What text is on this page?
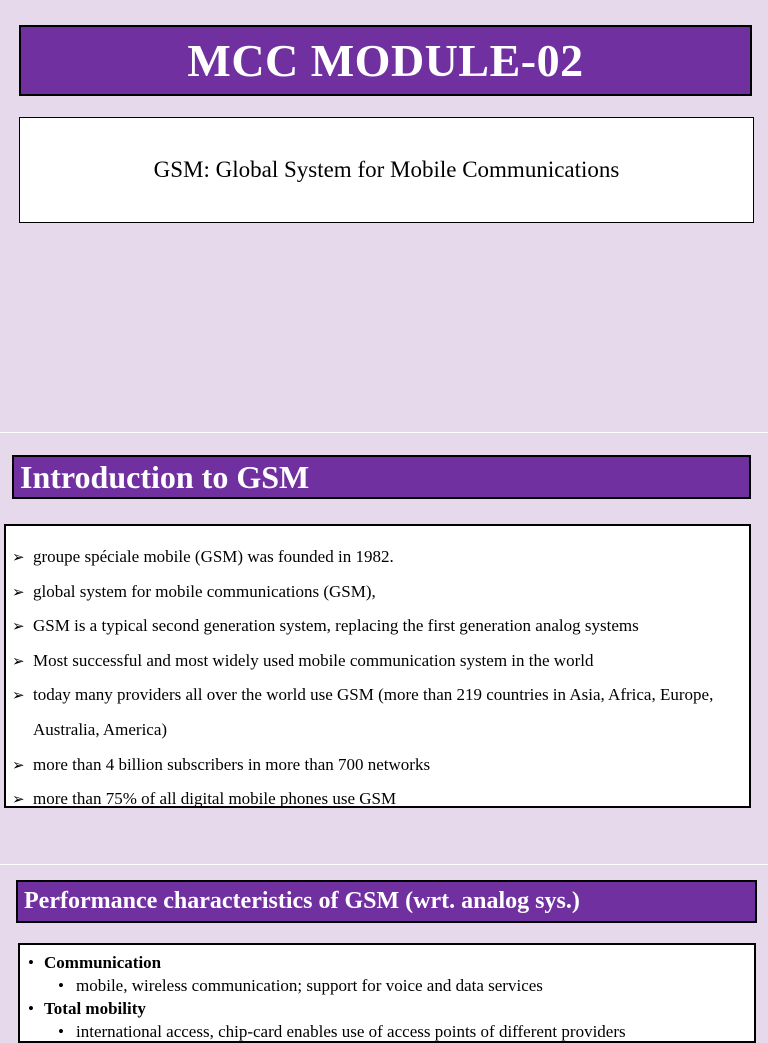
MCC MODULE-02
GSM: Global System for Mobile Communications
Introduction to GSM
➢ groupe spéciale mobile (GSM) was founded in 1982.
➢ global system for mobile communications (GSM),
➢ GSM is a typical second generation system, replacing the first generation analog systems
➢ Most successful and most widely used mobile communication system in the world
➢ today many providers all over the world use GSM (more than 219 countries in Asia, Africa, Europe, Australia, America)
➢ more than 4 billion subscribers in more than 700 networks
➢ more than 75% of all digital mobile phones use GSM
Performance characteristics of GSM (wrt. analog sys.)
• Communication
• mobile, wireless communication; support for voice and data services
• Total mobility
• international access, chip-card enables use of access points of different providers
